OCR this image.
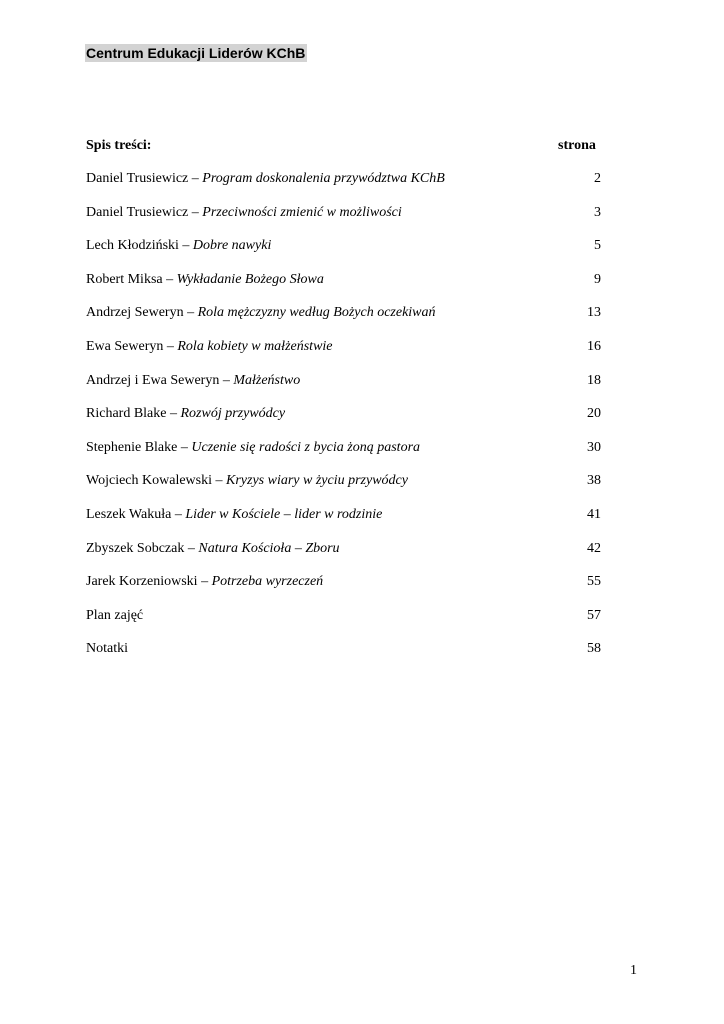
Centrum Edukacji Liderów KChB
Spis treści:	strona
Daniel Trusiewicz – Program doskonalenia przywództwa KChB	2
Daniel Trusiewicz – Przeciwności zmienić w możliwości	3
Lech Kłodziński – Dobre nawyki	5
Robert Miksa – Wykładanie Bożego Słowa	9
Andrzej Seweryn – Rola mężczyzny według Bożych oczekiwań	13
Ewa Seweryn – Rola kobiety w małżeństwie	16
Andrzej i Ewa Seweryn – Małżeństwo	18
Richard Blake – Rozwój przywódcy	20
Stephenie Blake – Uczenie się radości z bycia żoną pastora	30
Wojciech Kowalewski – Kryzys wiary w życiu przywódcy	38
Leszek Wakuła – Lider w Kościele – lider w rodzinie	41
Zbyszek Sobczak – Natura Kościoła – Zboru	42
Jarek Korzeniowski – Potrzeba wyrzeczeń	55
Plan zajęć	57
Notatki	58
1
